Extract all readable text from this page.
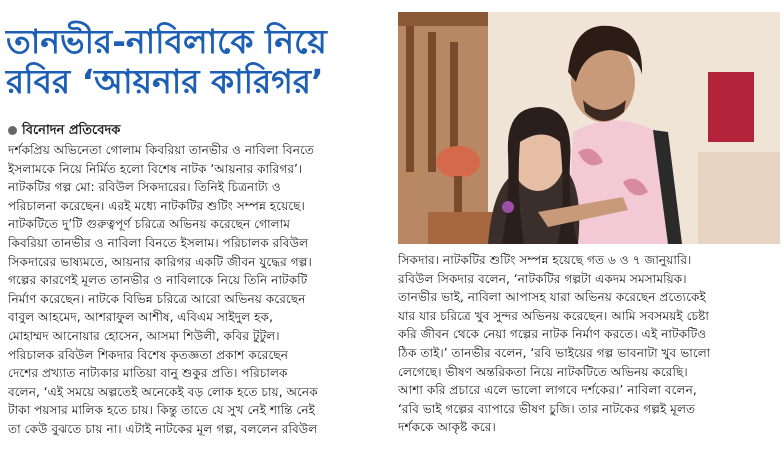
তানভীর-নাবিলাকে নিয়ে
রবির ‘আয়নার কারিগর’
বিনোদন প্রতিবেদক
দর্শকপ্রিয় অভিনেতা গোলাম কিবরিয়া তানভীর ও নাবিলা বিনতে
ইসলামকে নিয়ে নির্মিত হলো বিশেষ নাটক ‘আয়নার কারিগর’।
নাটকটির গল্প মো: রবিউল সিকদারের। তিনিই চিত্রনাট্য ও
পরিচালনা করেছেন। এরই মধ্যে নাটকটির শুটিং সম্পন্ন হয়েছে।
নাটকটিতে দু’টি গুরুত্বপূর্ণ চরিত্রে অভিনয় করেছেন গোলাম
কিবরিয়া তানভীর ও নাবিলা বিনতে ইসলাম। পরিচালক রবিউল
সিকদারের ভাষ্যমতে, আয়নার কারিগর একটি জীবন যুদ্ধের গল্প।
গল্পের কারণেই মূলত তানভীর ও নাবিলাকে নিয়ে তিনি নাটকটি
নির্মাণ করেছেন। নাটকে বিভিন্ন চরিত্রে আরো অভিনয় করেছেন
বাবুল আহমেদ, আশরাফুল আশীষ, এবিএম সাইদুল হক,
মোহাম্মদ আনোয়ার হোসেন, আসমা শিউলী, কবির টুটুল।
পরিচালক রবিউল শিকদার বিশেষ কৃতজ্ঞতা প্রকাশ করেছেন
দেশের প্রখ্যাত নাট্যকার মাতিয়া বানু শুকুর প্রতি। পরিচালক
বলেন, ‘এই সময়ে অল্পতেই অনেকেই বড় লোক হতে চায়, অনেক
টাকা পয়সার মালিক হতে চায়। কিন্তু তাতে যে সুখ নেই শান্তি নেই
তা কেউ বুঝতে চায় না। এটাই নাটকের মূল গল্প, বললেন রবিউল
সিকদার। নাটকটির শুটিং সম্পন্ন হয়েছে গত ৬ ও ৭ জানুয়ারি।
রবিউল সিকদার বলেন, ‘নাটকটির গল্পটা একদম সমসাময়িক।
তানভীর ভাই, নাবিলা আপাসহ যারা অভিনয় করেছেন প্রত্যেকেই
যার যার চরিত্রে খুব সুন্দর অভিনয় করেছেন। আমি সবসময়ই চেষ্টা
করি জীবন থেকে নেয়া গল্পের নাটক নির্মাণ করতে। এই নাটকটিও
ঠিক তাই।’ তানভীর বলেন, ‘রবি ভাইয়ের গল্প ভাবনাটা খুব ভালো
লেগেছে। ভীষণ অন্তরিকতা নিয়ে নাটকটিতে অভিনয় করেছি।
আশা করি প্রচারে এলে ভালো লাগবে দর্শকের।’ নাবিলা বলেন,
‘রবি ভাই গল্পের ব্যাপারে ভীষণ চুজি। তার নাটকের গল্পই মূলত
দর্শককে আকৃষ্ট করে।
